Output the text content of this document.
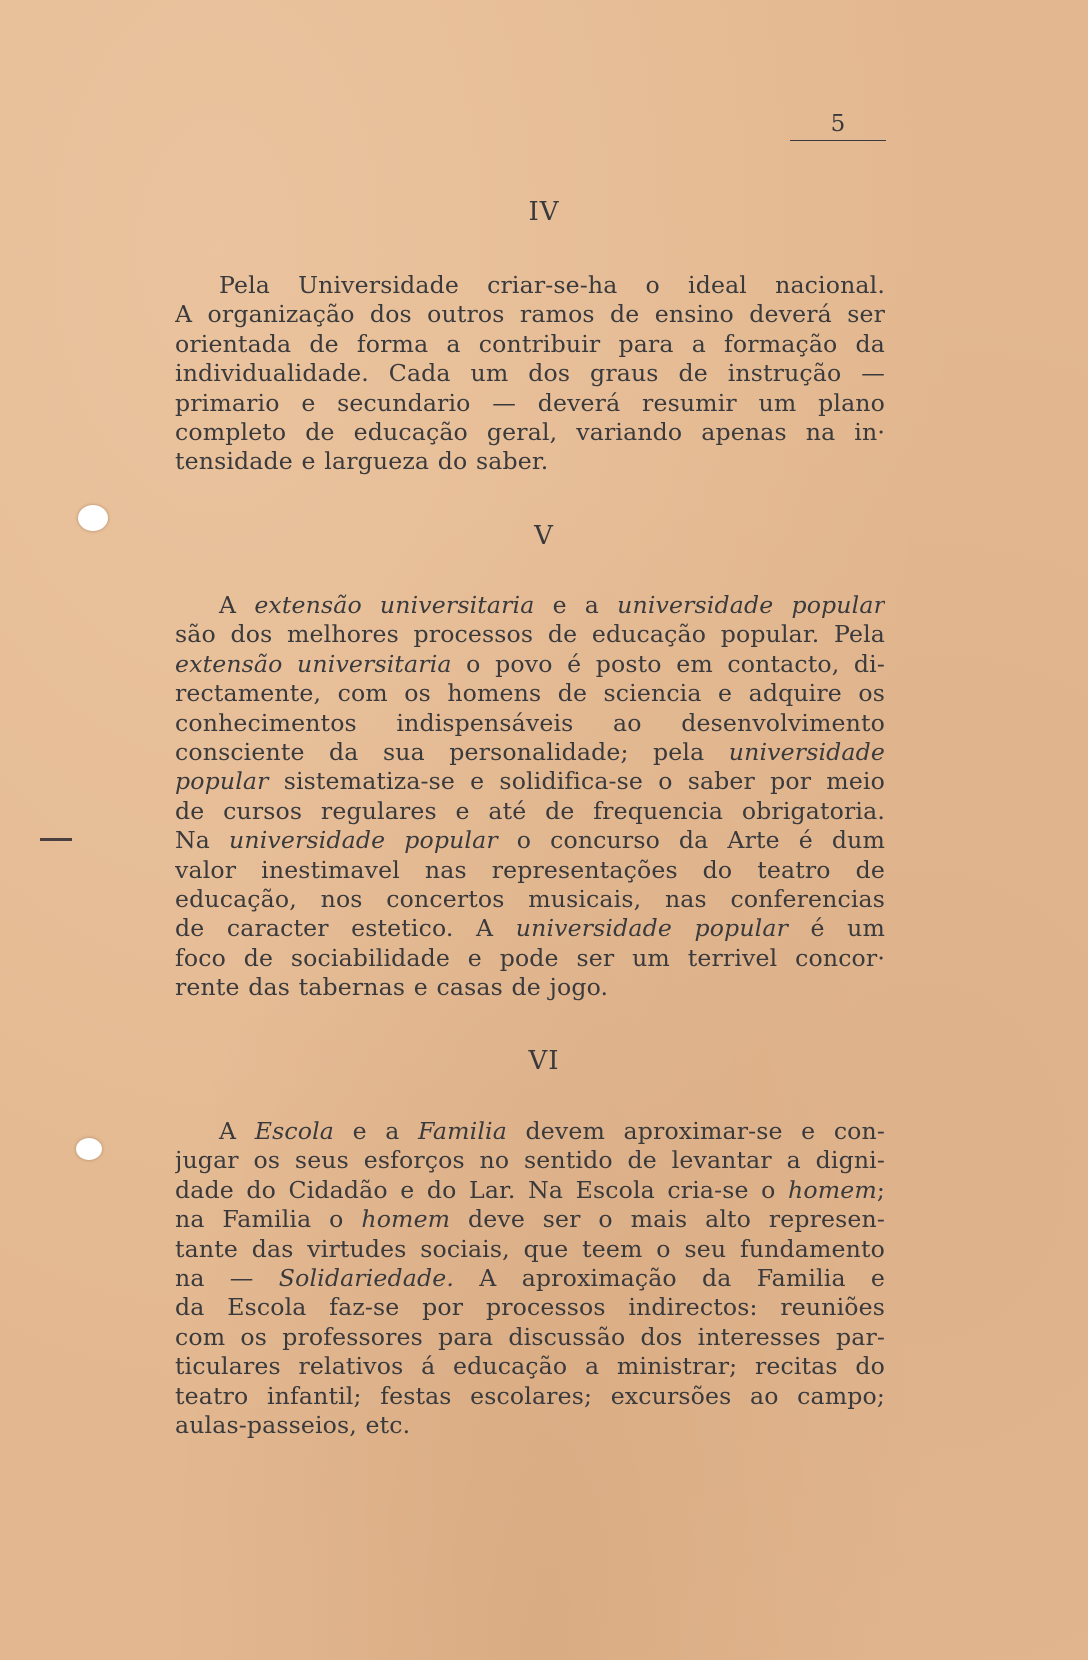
5
IV
Pela Universidade criar-se-ha o ideal nacional.
A organização dos outros ramos de ensino deverá ser
orientada de forma a contribuir para a formação da
individualidade. Cada um dos graus de instrução —
primario e secundario — deverá resumir um plano
completo de educação geral, variando apenas na in·
tensidade e largueza do saber.
V
A extensão universitaria e a universidade popular
são dos melhores processos de educação popular. Pela
extensão universitaria o povo é posto em contacto, di-
rectamente, com os homens de sciencia e adquire os
conhecimentos indispensáveis ao desenvolvimento
consciente da sua personalidade; pela universidade
popular sistematiza-se e solidifica-se o saber por meio
de cursos regulares e até de frequencia obrigatoria.
Na universidade popular o concurso da Arte é dum
valor inestimavel nas representações do teatro de
educação, nos concertos musicais, nas conferencias
de caracter estetico. A universidade popular é um
foco de sociabilidade e pode ser um terrivel concor·
rente das tabernas e casas de jogo.
VI
A Escola e a Familia devem aproximar-se e con-
jugar os seus esforços no sentido de levantar a digni-
dade do Cidadão e do Lar. Na Escola cria-se o homem;
na Familia o homem deve ser o mais alto represen-
tante das virtudes sociais, que teem o seu fundamento
na — Solidariedade. A aproximação da Familia e
da Escola faz-se por processos indirectos: reuniões
com os professores para discussão dos interesses par-
ticulares relativos á educação a ministrar; recitas do
teatro infantil; festas escolares; excursões ao campo;
aulas-passeios, etc.
